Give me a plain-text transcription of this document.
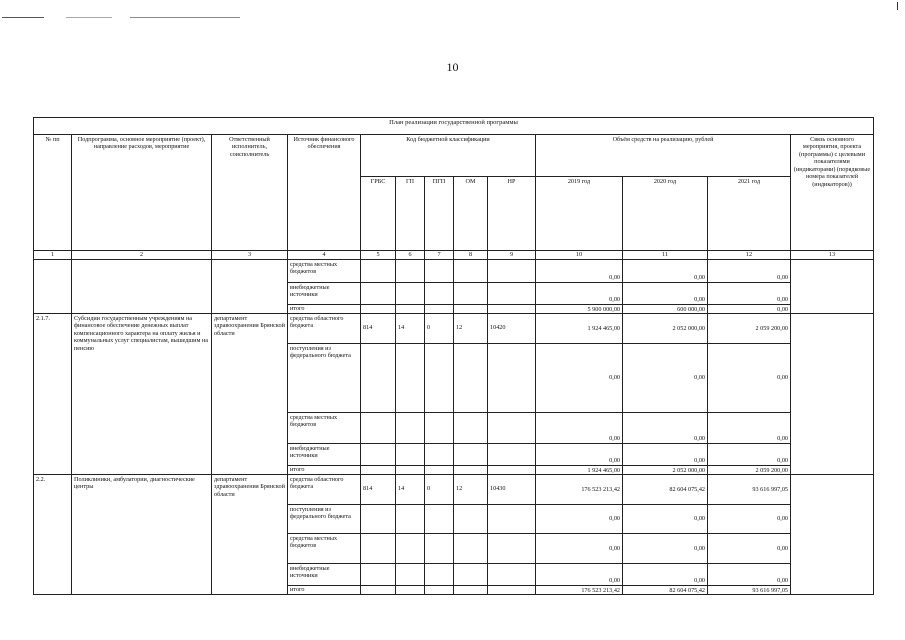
10
План реализации государственной программы												
№ пп	Подпрограмма, основное мероприятие (проект), направление расходов, мероприятие	Ответственный исполнитель, соисполнитель	Источник финансового обеспечения	Код бюджетной классификации					Объём средств на реализацию, рублей			Связь основного мероприятия, проекта (программы) с целевыми показателями (индикаторами) (порядковые номера показателей (индикаторов))
				ГРБС	ГП	ПГП	ОМ	НР	2019 год	2020 год	2021 год	
1	2	3	4	5	6	7	8	9	10	11	12	13
			средства местных бюджетов						0,00	0,00	0,00	
			внебюджетные источники						0,00	0,00	0,00	
			итого						5 900 000,00	600 000,00	0,00	
2.1.7.	Субсидии государственным учреждениям на финансовое обеспечение денежных выплат компенсационного характера на оплату жилья и коммунальных услуг специалистам, вышедшим на пенсию	департамент здравоохранения Брянской области	средства областного бюджета	814	14	0	12	10420	1 924 465,00	2 052 000,00	2 059 200,00	
			поступления из федерального бюджета						0,00	0,00	0,00	
			средства местных бюджетов						0,00	0,00	0,00	
			внебюджетные источники						0,00	0,00	0,00	
			итого						1 924 465,00	2 052 000,00	2 059 200,00	
2.2.	Поликлиники, амбулатории, диагностические центры	департамент здравоохранения Брянской области	средства областного бюджета	814	14	0	12	10430	176 523 213,42	82 604 075,42	93 616 997,05	
			поступления из федерального бюджета						0,00	0,00	0,00	
			средства местных бюджетов						0,00	0,00	0,00	
			внебюджетные источники						0,00	0,00	0,00	
			итого						176 523 213,42	82 604 075,42	93 616 997,05	
